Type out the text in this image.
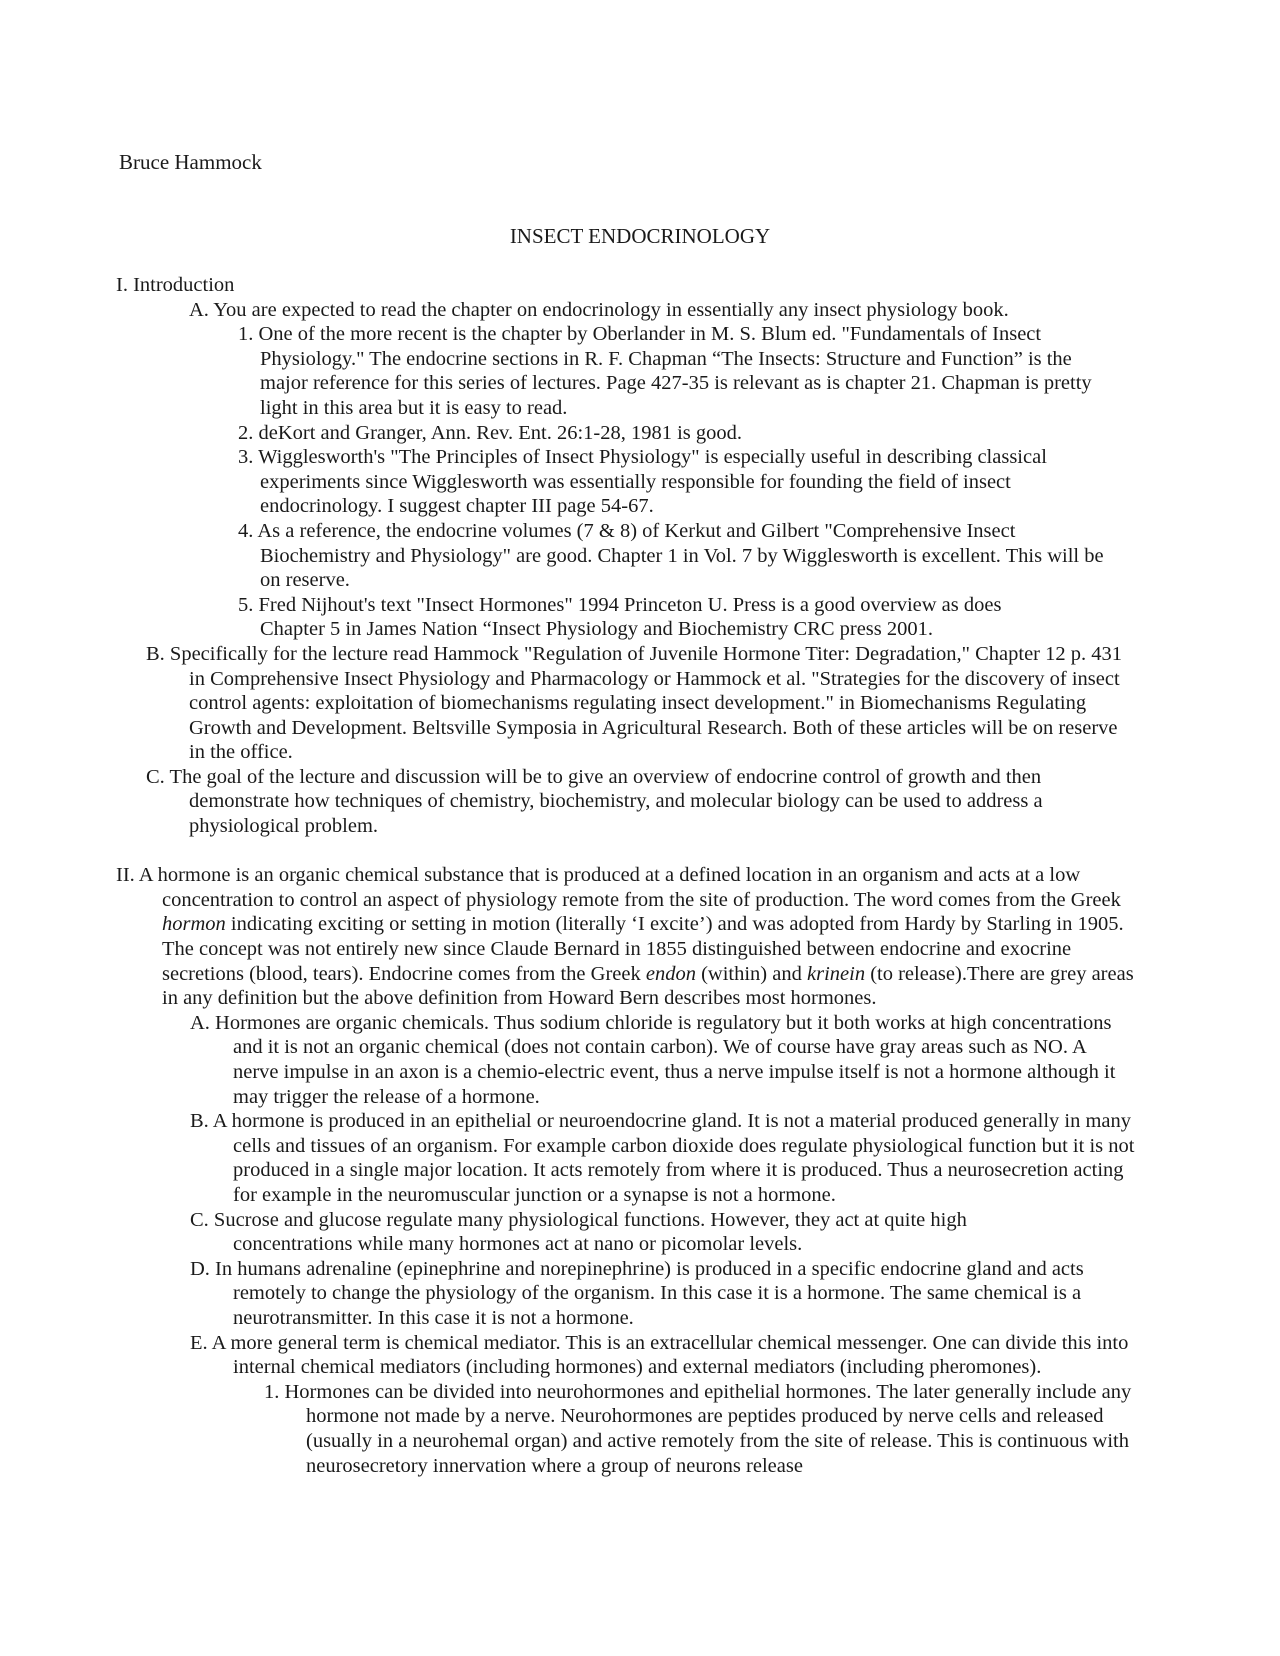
Bruce Hammock
INSECT ENDOCRINOLOGY
I. Introduction
A. You are expected to read the chapter on endocrinology in essentially any insect physiology book.
1. One of the more recent is the chapter by Oberlander in M. S. Blum ed. "Fundamentals of Insect Physiology." The endocrine sections in R. F. Chapman “The Insects: Structure and Function” is the major reference for this series of lectures. Page 427-35 is relevant as is chapter 21. Chapman is pretty light in this area but it is easy to read.
2. deKort and Granger, Ann. Rev. Ent. 26:1-28, 1981 is good.
3. Wigglesworth's "The Principles of Insect Physiology" is especially useful in describing classical experiments since Wigglesworth was essentially responsible for founding the field of insect endocrinology. I suggest chapter III page 54-67.
4. As a reference, the endocrine volumes (7 & 8) of Kerkut and Gilbert "Comprehensive Insect Biochemistry and Physiology" are good. Chapter 1 in Vol. 7 by Wigglesworth is excellent. This will be on reserve.
5. Fred Nijhout's text "Insect Hormones" 1994 Princeton U. Press is a good overview as does Chapter 5 in James Nation “Insect Physiology and Biochemistry CRC press 2001.
B. Specifically for the lecture read Hammock "Regulation of Juvenile Hormone Titer: Degradation," Chapter 12 p. 431 in Comprehensive Insect Physiology and Pharmacology or Hammock et al. "Strategies for the discovery of insect control agents: exploitation of biomechanisms regulating insect development." in Biomechanisms Regulating Growth and Development. Beltsville Symposia in Agricultural Research. Both of these articles will be on reserve in the office.
C. The goal of the lecture and discussion will be to give an overview of endocrine control of growth and then demonstrate how techniques of chemistry, biochemistry, and molecular biology can be used to address a physiological problem.
II. A hormone is an organic chemical substance that is produced at a defined location in an organism and acts at a low concentration to control an aspect of physiology remote from the site of production. The word comes from the Greek hormon indicating exciting or setting in motion (literally ‘I excite’) and was adopted from Hardy by Starling in 1905. The concept was not entirely new since Claude Bernard in 1855 distinguished between endocrine and exocrine secretions (blood, tears). Endocrine comes from the Greek endon (within) and krinein (to release).There are grey areas in any definition but the above definition from Howard Bern describes most hormones.
A. Hormones are organic chemicals. Thus sodium chloride is regulatory but it both works at high concentrations and it is not an organic chemical (does not contain carbon). We of course have gray areas such as NO. A nerve impulse in an axon is a chemio-electric event, thus a nerve impulse itself is not a hormone although it may trigger the release of a hormone.
B. A hormone is produced in an epithelial or neuroendocrine gland. It is not a material produced generally in many cells and tissues of an organism. For example carbon dioxide does regulate physiological function but it is not produced in a single major location. It acts remotely from where it is produced. Thus a neurosecretion acting for example in the neuromuscular junction or a synapse is not a hormone.
C. Sucrose and glucose regulate many physiological functions. However, they act at quite high concentrations while many hormones act at nano or picomolar levels.
D. In humans adrenaline (epinephrine and norepinephrine) is produced in a specific endocrine gland and acts remotely to change the physiology of the organism. In this case it is a hormone. The same chemical is a neurotransmitter. In this case it is not a hormone.
E. A more general term is chemical mediator. This is an extracellular chemical messenger. One can divide this into internal chemical mediators (including hormones) and external mediators (including pheromones).
1. Hormones can be divided into neurohormones and epithelial hormones. The later generally include any hormone not made by a nerve. Neurohormones are peptides produced by nerve cells and released (usually in a neurohemal organ) and active remotely from the site of release. This is continuous with neurosecretory innervation where a group of neurons release
